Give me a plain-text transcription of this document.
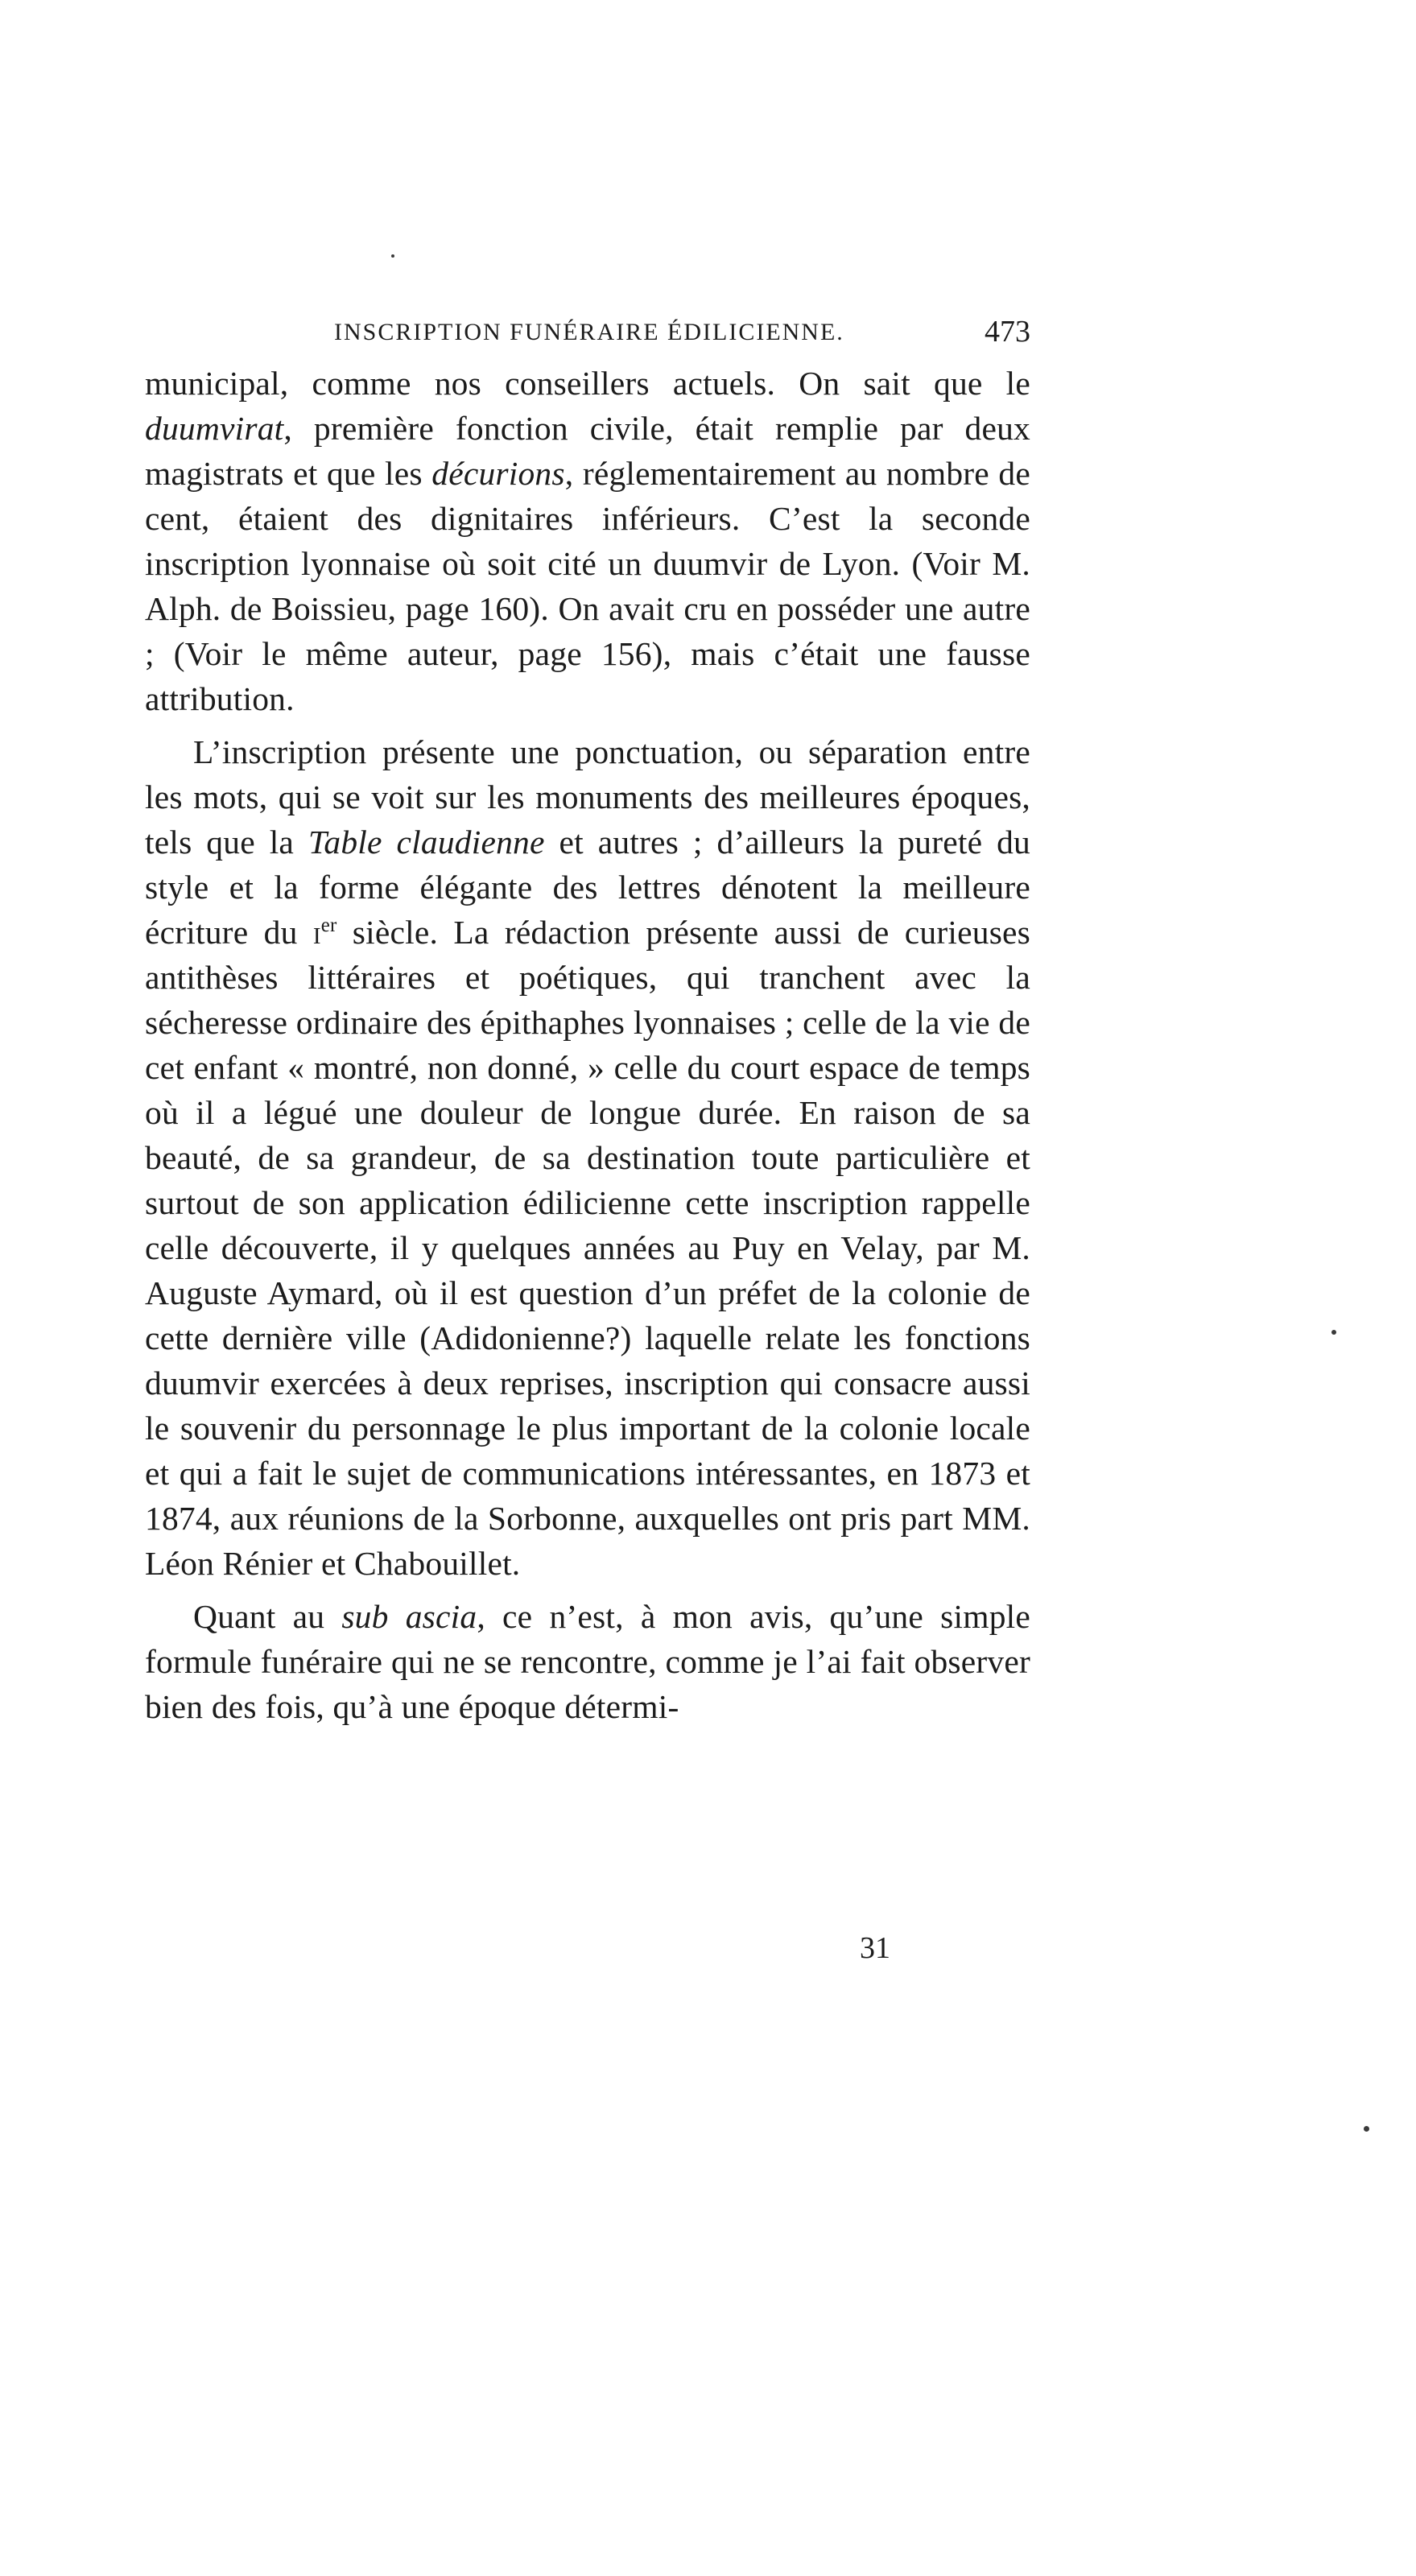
INSCRIPTION FUNÉRAIRE ÉDILICIENNE.	473

municipal, comme nos conseillers actuels. On sait que le duumvirat, première fonction civile, était remplie par deux magistrats et que les décurions, réglementairement au nombre de cent, étaient des dignitaires inférieurs. C’est la seconde inscription lyonnaise où soit cité un duumvir de Lyon. (Voir M. Alph. de Boissieu, page 160). On avait cru en posséder une autre ; (Voir le même auteur, page 156), mais c’était une fausse attribution.

L’inscription présente une ponctuation, ou séparation entre les mots, qui se voit sur les monuments des meilleures époques, tels que la Table claudienne et autres ; d’ailleurs la pureté du style et la forme élégante des lettres dénotent la meilleure écriture du $i^{er}$ siècle. La rédaction présente aussi de curieuses antithèses littéraires et poétiques, qui tranchent avec la sécheresse ordinaire des épithaphes lyonnaises ; celle de la vie de cet enfant « montré, non donné, » celle du court espace de temps où il a légué une douleur de longue durée. En raison de sa beauté, de sa grandeur, de sa destination toute particulière et surtout de son application édilicienne cette inscription rappelle celle découverte, il y quelques années au Puy en Velay, par M. Auguste Aymard, où il est question d’un préfet de la colonie de cette dernière ville (Adidonienne?) laquelle relate les fonctions duumvir exercées à deux reprises, inscription qui consacre aussi le souvenir du personnage le plus important de la colonie locale et qui a fait le sujet de communications intéressantes, en 1873 et 1874, aux réunions de la Sorbonne, auxquelles ont pris part MM. Léon Rénier et Chabouillet.

Quant au sub ascia, ce n’est, à mon avis, qu’une simple formule funéraire qui ne se rencontre, comme je l’ai fait observer bien des fois, qu’à une époque détermi-

31
